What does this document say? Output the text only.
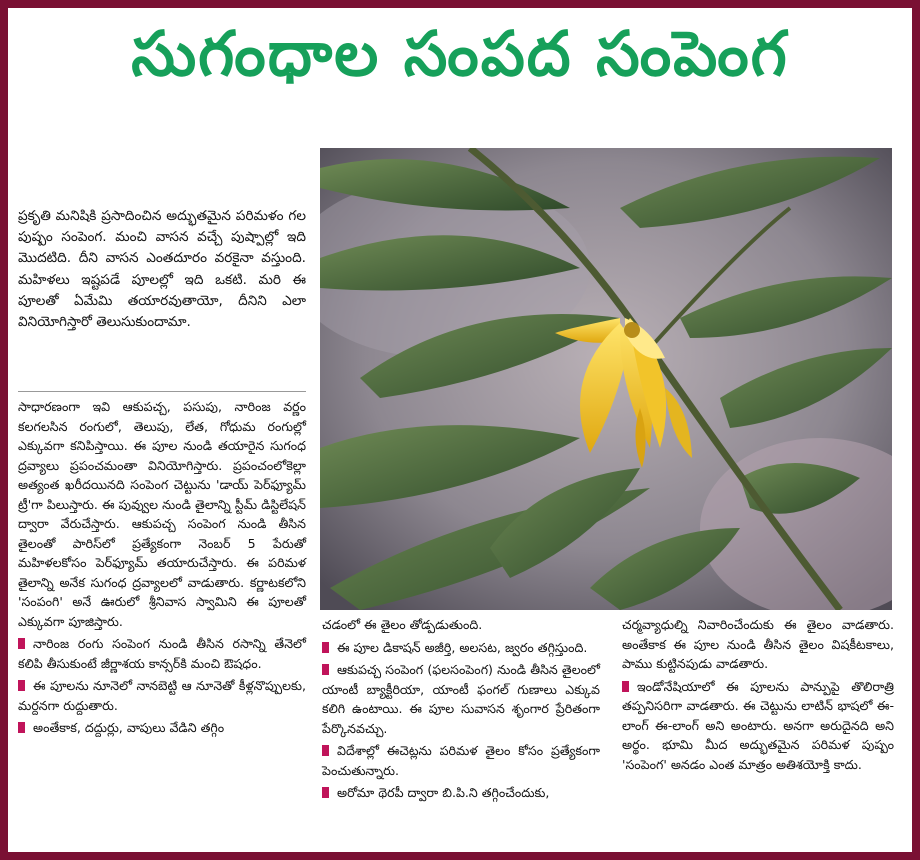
సుగంధాల సంపద సంపెంగ
ప్రకృతి మనిషికి ప్రసాదించిన అద్భుతమైన పరిమళం గల పుష్పం సంపెంగ. మంచి వాసన వచ్చే పుష్పాల్లో ఇది మొదటిది. దీని వాసన ఎంతదూరం వరకైనా వస్తుంది. మహిళలు ఇష్టపడే పూలల్లో ఇది ఒకటి. మరి ఈ పూలతో ఏమేమి తయారవుతాయో, దీనిని ఎలా వినియోగిస్తారో తెలుసుకుందామా.

సాధారణంగా ఇవి ఆకుపచ్చ, పసుపు, నారింజ వర్ణం కలగలసిన రంగులో, తెలుపు, లేత, గోధుమ రంగుల్లో ఎక్కువగా కనిపిస్తాయి. ఈ పూల నుండి తయారైన సుగంధ ద్రవ్యాలు ప్రపంచమంతా వినియోగిస్తారు. ప్రపంచంలోకెల్లా అత్యంత ఖరీదయినది సంపెంగ చెట్టును 'డాయ్ పెర్‌ఫ్యూమ్ ట్రీ'గా పిలుస్తారు. ఈ పువ్వుల నుండి తైలాన్ని స్టీమ్ డిస్టిలేషన్ ద్వారా వేరుచేస్తారు. ఆకుపచ్చ సంపెంగ నుండి తీసిన తైలంతో పారిస్‌లో ప్రత్యేకంగా నెంబర్ 5 పేరుతో మహిళలకోసం పెర్‌ఫ్యూమ్ తయారుచేస్తారు. ఈ పరిమళ తైలాన్ని అనేక సుగంధ ద్రవ్యాలలో వాడుతారు. కర్ణాటకలోని 'సంపంగి' అనే ఊరులో శ్రీనివాస స్వామిని ఈ పూలతో ఎక్కువగా పూజిస్తారు.

నారింజ రంగు సంపెంగ నుండి తీసిన రసాన్ని తేనెలో కలిపి తీసుకుంటే జీర్ణాశయ కాన్సర్‌కి మంచి ఔషధం.

ఈ పూలను నూనెలో నానబెట్టి ఆ నూనెతో కీళ్లనొప్పులకు, మర్దనగా రుద్దుతారు.

అంతేకాక, దద్దుర్లు, వాపులు వేడిని తగ్గిం

చడంలో ఈ తైలం తోడ్పడుతుంది.

ఈ పూల డికాషన్ అజీర్తి, అలసట, జ్వరం తగ్గిస్తుంది.

ఆకుపచ్చ సంపెంగ (ఫలసంపెంగ) నుండి తీసిన తైలంలో యాంటీ బ్యాక్టీరియా, యాంటీ ఫంగల్ గుణాలు ఎక్కువ కలిగి ఉంటాయి. ఈ పూల సువాసన శృంగార ప్రేరితంగా పేర్కొనవచ్చు.

విదేశాల్లో ఈచెట్లను పరిమళ తైలం కోసం ప్రత్యేకంగా పెంచుతున్నారు.

అరోమా థెరపీ ద్వారా బి.పి.ని తగ్గించేందుకు,

చర్మవ్యాధుల్ని నివారించేందుకు ఈ తైలం వాడతారు. అంతేకాక ఈ పూల నుండి తీసిన తైలం విషకీటకాలు, పాము కుట్టినపుడు వాడతారు.

ఇండోనేషియాలో ఈ పూలను పాన్పుపై తొలిరాత్రి తప్పనిసరిగా వాడతారు. ఈ చెట్టును లాటిన్ భాషలో ఈ-లాంగ్ ఈ-లాంగ్ అని అంటారు. అనగా అరుదైనది అని అర్థం. భూమి మీద అద్భుతమైన పరిమళ పుష్పం 'సంపెంగ' అనడం ఎంత మాత్రం అతిశయోక్తి కాదు.
